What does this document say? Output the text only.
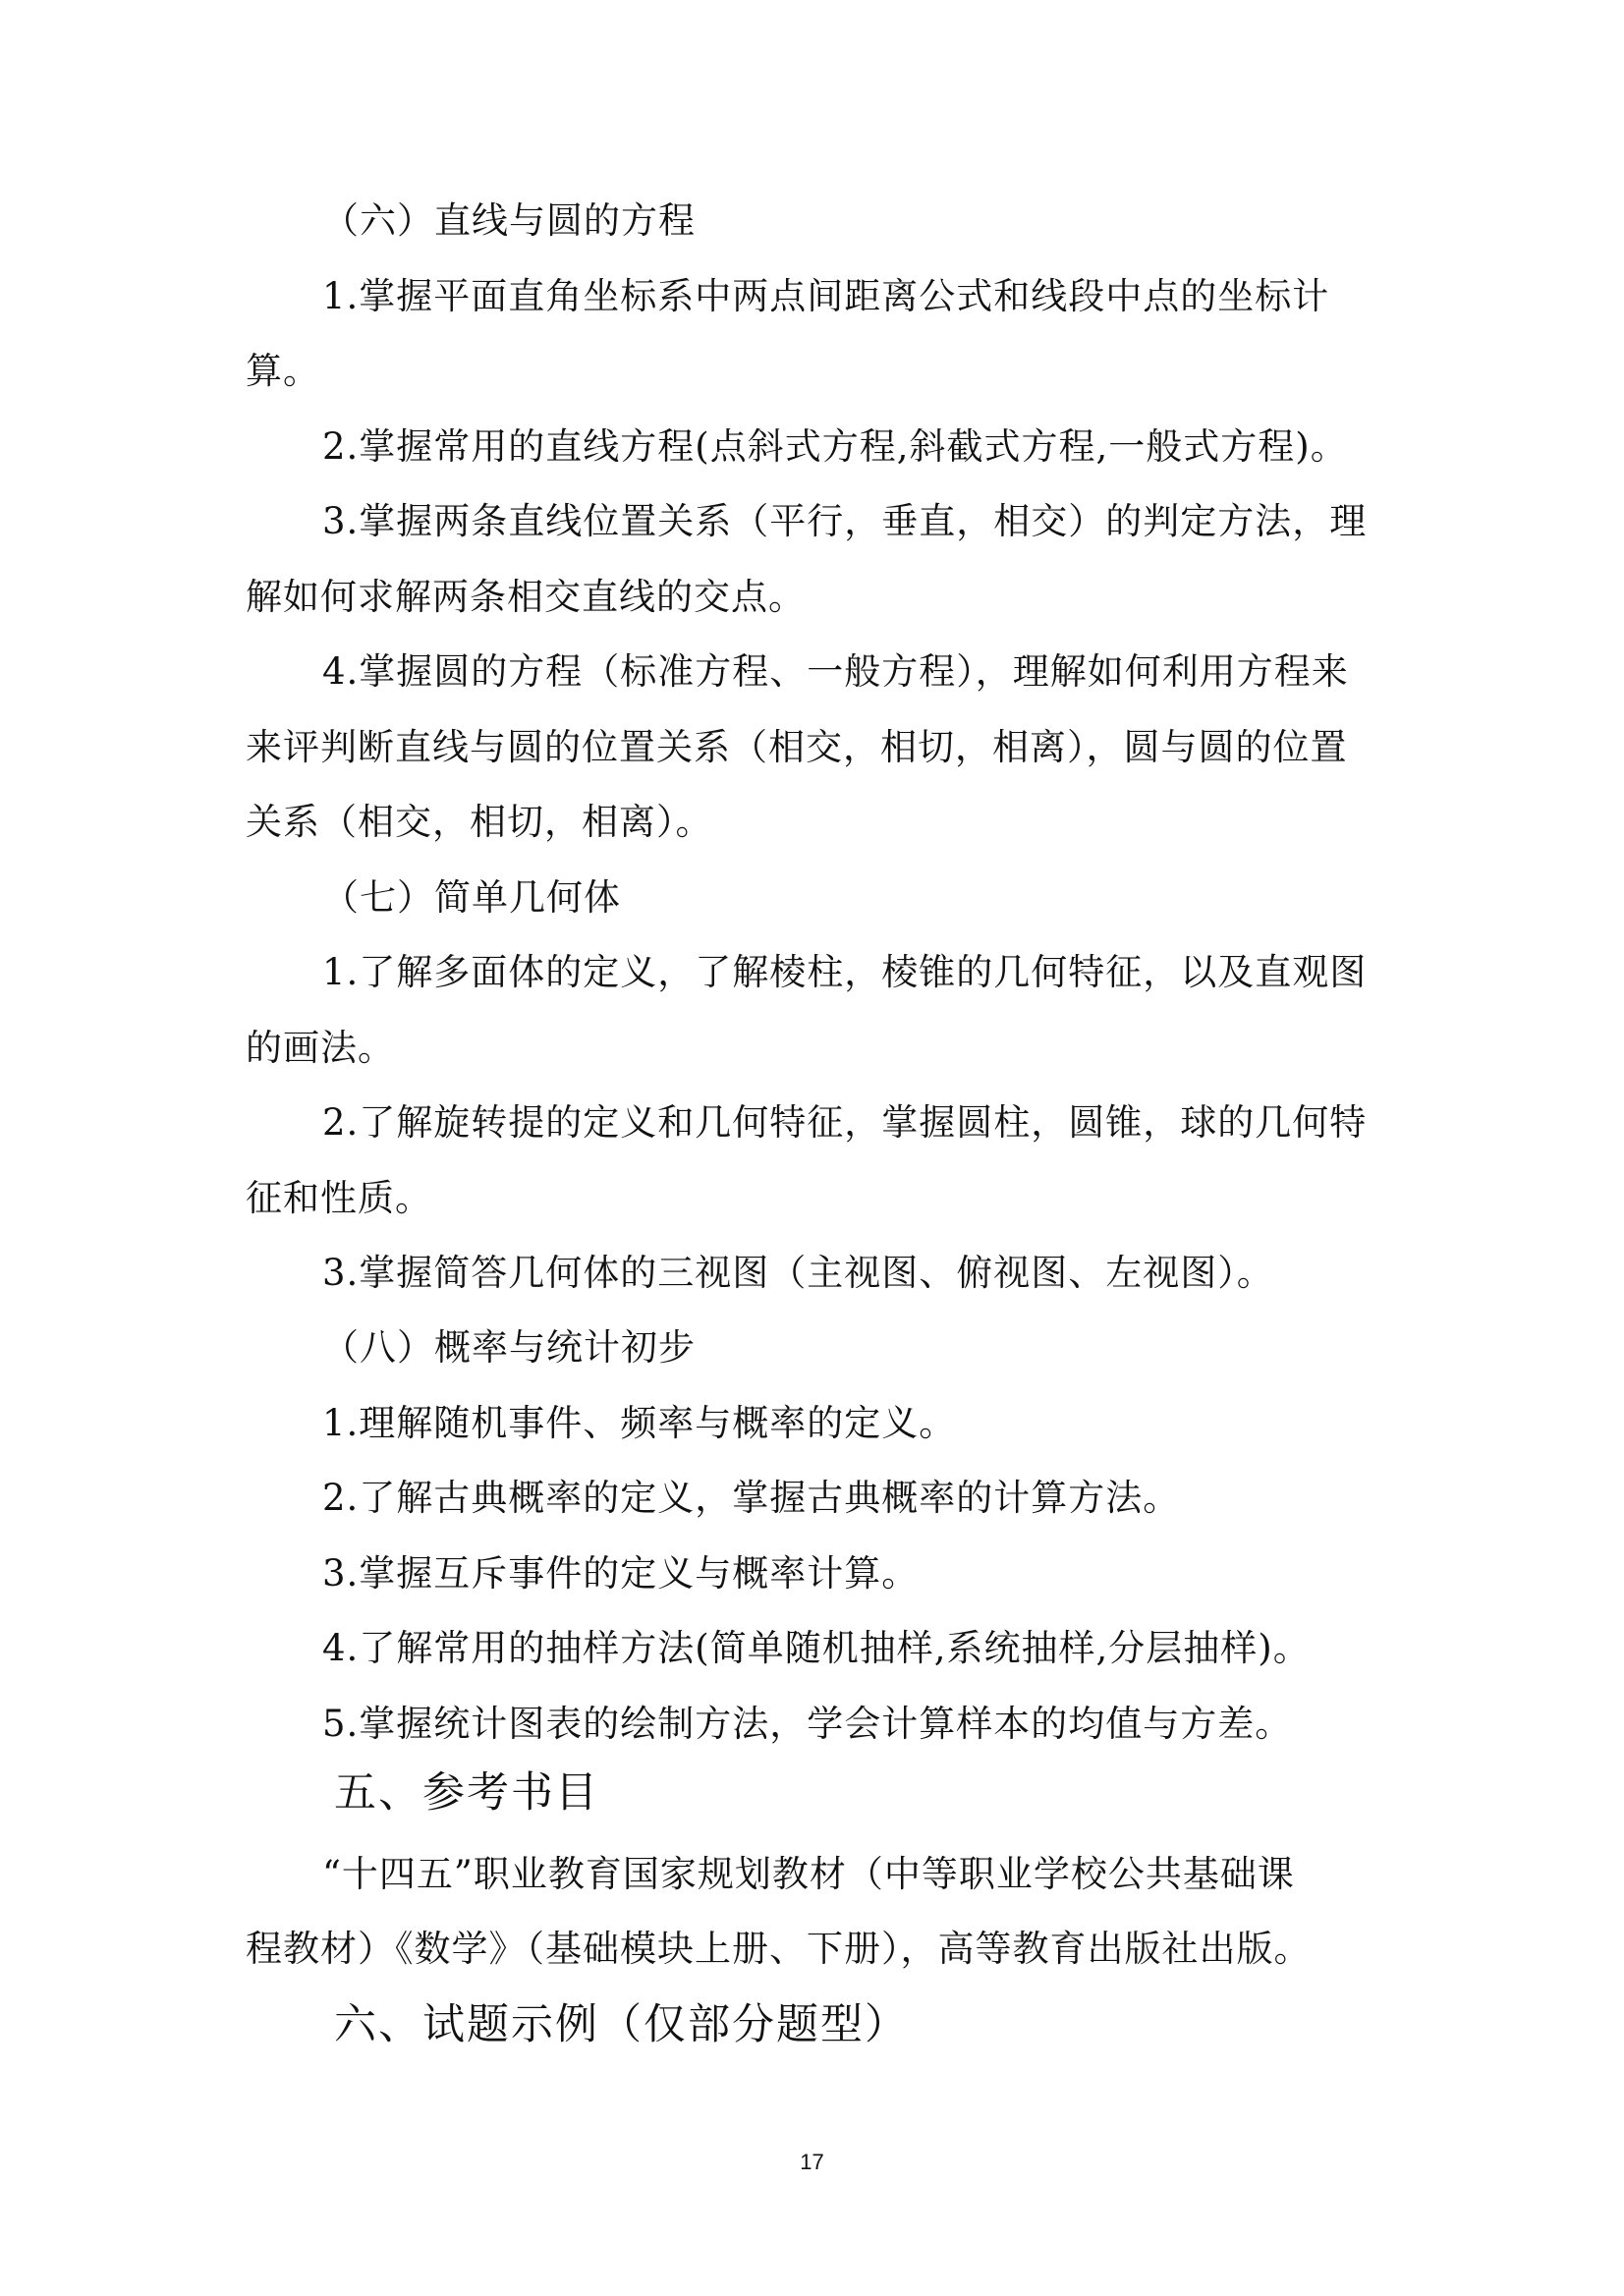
（六）直线与圆的方程
1.掌握平面直角坐标系中两点间距离公式和线段中点的坐标计
算。
2.掌握常用的直线方程(点斜式方程,斜截式方程,一般式方程)。
3.掌握两条直线位置关系（平行，垂直，相交）的判定方法，理
解如何求解两条相交直线的交点。
4.掌握圆的方程（标准方程、一般方程），理解如何利用方程来
来评判断直线与圆的位置关系（相交，相切，相离），圆与圆的位置
关系（相交，相切，相离）。
（七）简单几何体
1.了解多面体的定义，了解棱柱，棱锥的几何特征，以及直观图
的画法。
2.了解旋转提的定义和几何特征，掌握圆柱，圆锥，球的几何特
征和性质。
3.掌握简答几何体的三视图（主视图、俯视图、左视图）。
（八）概率与统计初步
1.理解随机事件、频率与概率的定义。
2.了解古典概率的定义，掌握古典概率的计算方法。
3.掌握互斥事件的定义与概率计算。
4.了解常用的抽样方法(简单随机抽样,系统抽样,分层抽样)。
5.掌握统计图表的绘制方法，学会计算样本的均值与方差。
五、参考书目
“十四五”职业教育国家规划教材（中等职业学校公共基础课
程教材）《数学》（基础模块上册、下册），高等教育出版社出版。
六、试题示例（仅部分题型）
17
